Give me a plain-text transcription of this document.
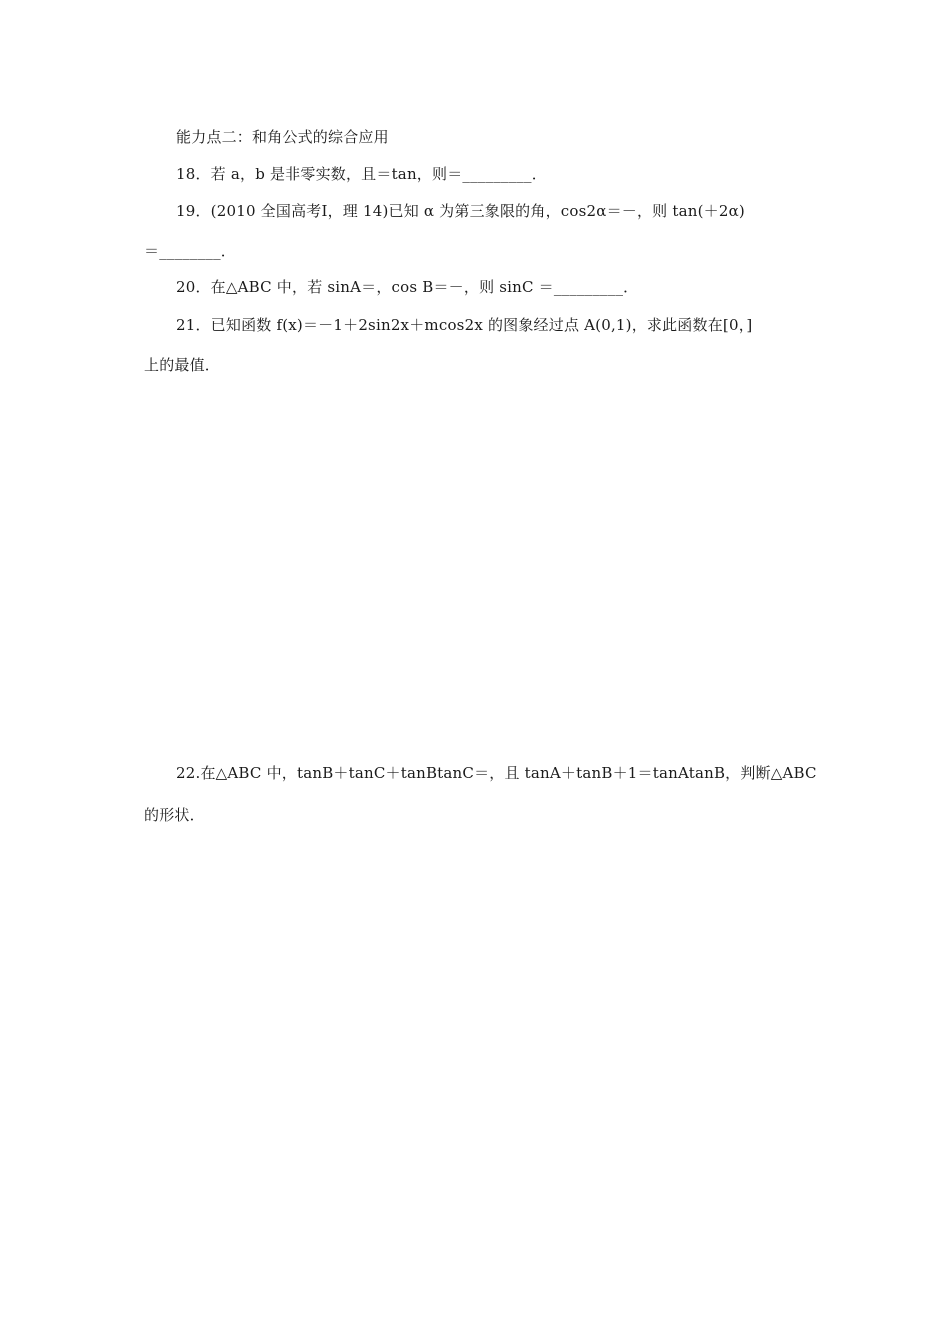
能力点二：和角公式的综合应用
18．若 a，b 是非零实数，且＝tan，则＝_________．
19．(2010 全国高考Ⅰ，理 14)已知 α 为第三象限的角，cos2α＝－，则 tan(＋2α)
＝________．
20．在△ABC 中，若 sinA＝，cos B＝－，则 sinC ＝_________．
21．已知函数 f(x)＝－1＋2sin2x＋mcos2x 的图象经过点 A(0,1)，求此函数在[0，]
上的最值．
22.在△ABC 中，tanB＋tanC＋tanBtanC＝，且 tanA＋tanB＋1＝tanAtanB，判断△ABC
的形状．
